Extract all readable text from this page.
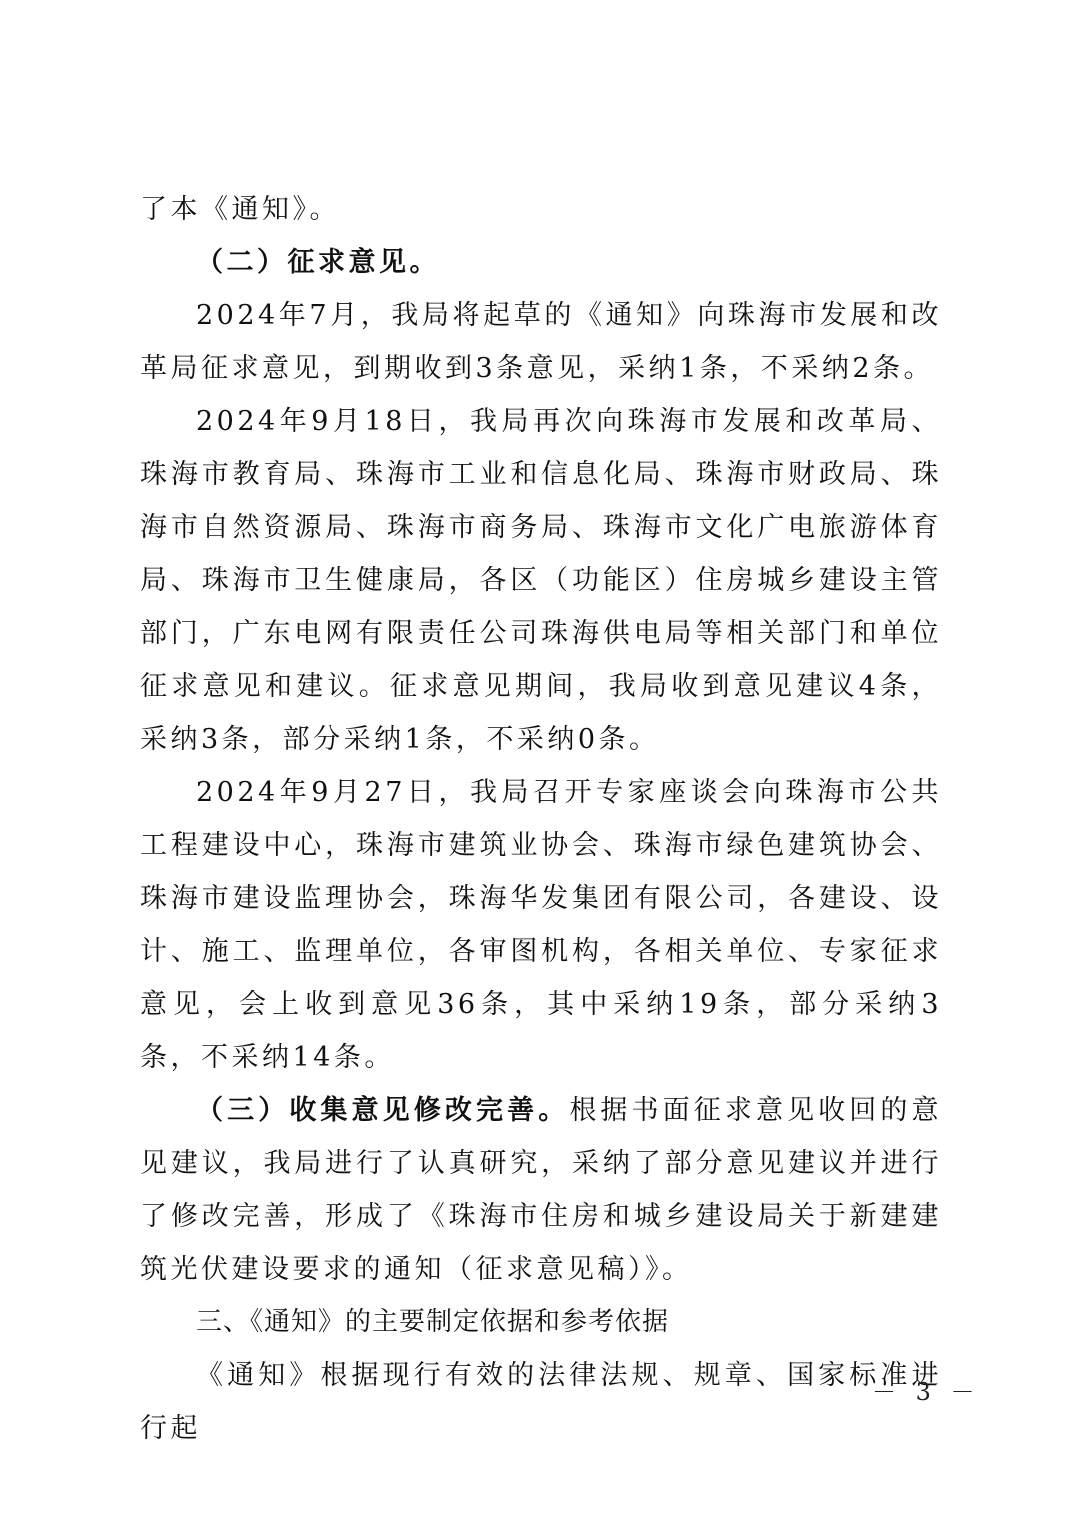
了本《通知》。

（二）征求意见。

2024年7月，我局将起草的《通知》向珠海市发展和改革局征求意见，到期收到3条意见，采纳1条，不采纳2条。

2024年9月18日，我局再次向珠海市发展和改革局、珠海市教育局、珠海市工业和信息化局、珠海市财政局、珠海市自然资源局、珠海市商务局、珠海市文化广电旅游体育局、珠海市卫生健康局，各区（功能区）住房城乡建设主管部门，广东电网有限责任公司珠海供电局等相关部门和单位征求意见和建议。征求意见期间，我局收到意见建议4条，采纳3条，部分采纳1条，不采纳0条。

2024年9月27日，我局召开专家座谈会向珠海市公共工程建设中心，珠海市建筑业协会、珠海市绿色建筑协会、珠海市建设监理协会，珠海华发集团有限公司，各建设、设计、施工、监理单位，各审图机构，各相关单位、专家征求意见，会上收到意见36条，其中采纳19条，部分采纳3条，不采纳14条。

（三）收集意见修改完善。根据书面征求意见收回的意见建议，我局进行了认真研究，采纳了部分意见建议并进行了修改完善，形成了《珠海市住房和城乡建设局关于新建建筑光伏建设要求的通知（征求意见稿）》。

三、《通知》的主要制定依据和参考依据

《通知》根据现行有效的法律法规、规章、国家标准进行起

－ 3 －
